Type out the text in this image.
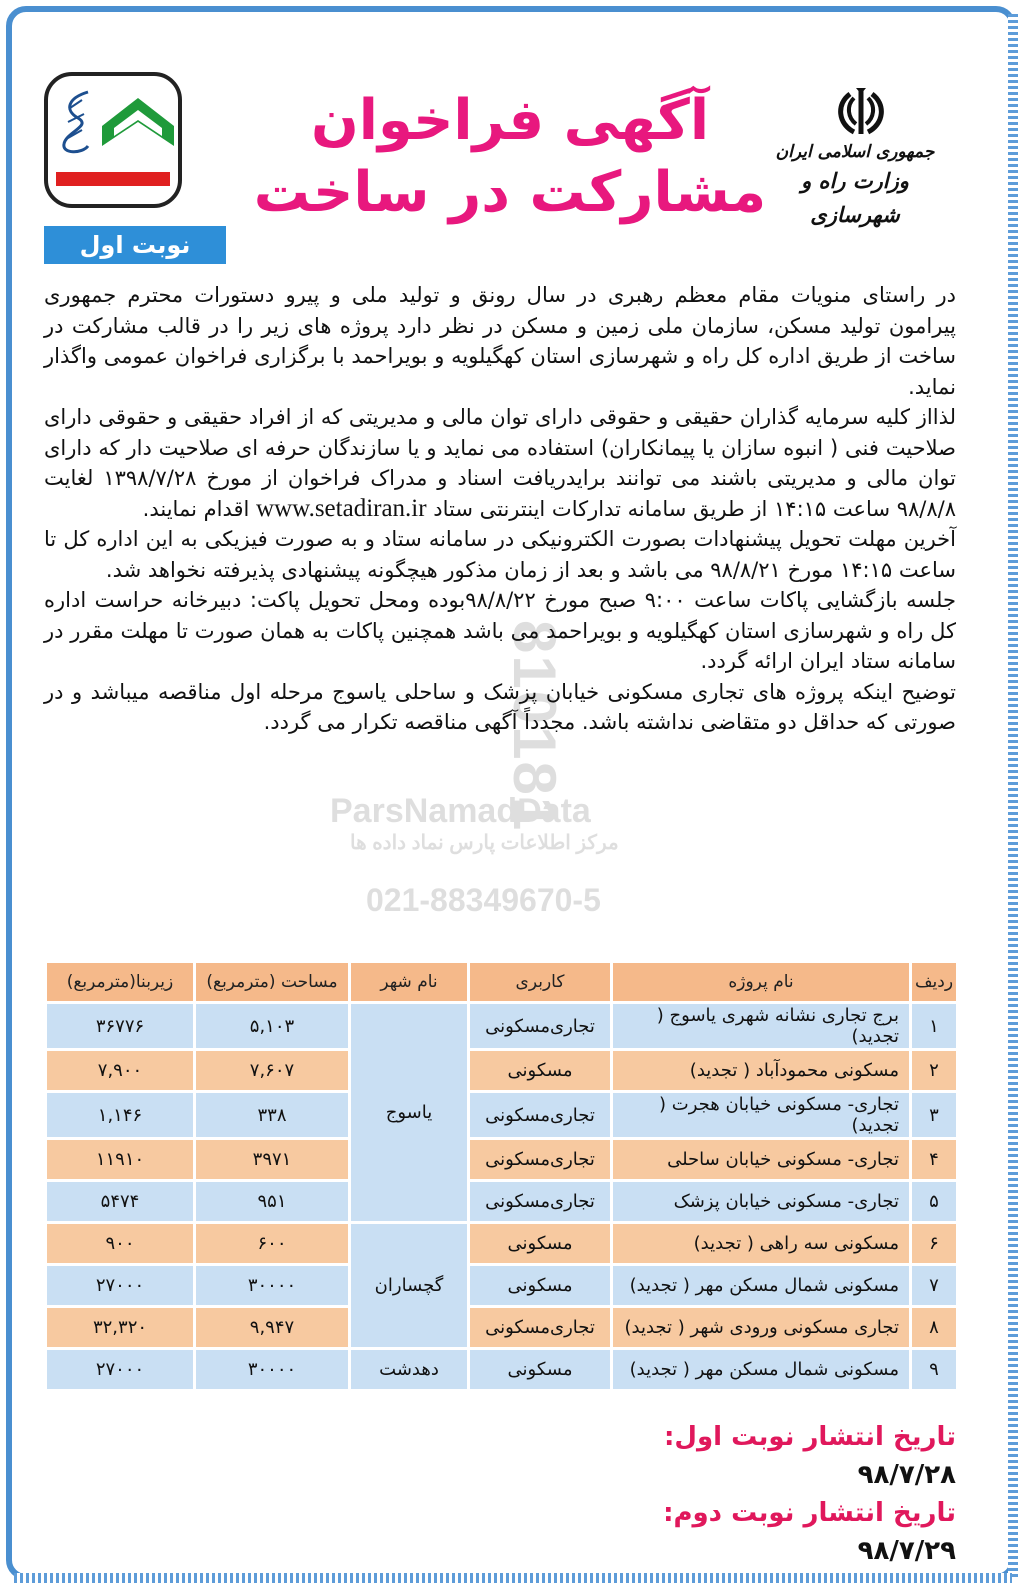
جمهوری اسلامی ایران
وزارت راه و شهرسازی
آگهی فراخوان
مشارکت در ساخت
نوبت اول
810181
ParsNamadData
مرکز اطلاعات پارس نماد داده ها
021-88349670-5

در راستای منویات مقام معظم رهبری در سال رونق و تولید ملی و پیرو دستورات محترم جمهوری پیرامون تولید مسکن، سازمان ملی زمین و مسکن در نظر دارد پروژه های زیر را در قالب مشارکت در ساخت از طریق اداره کل راه و شهرسازی استان کهگیلویه و بویراحمد با برگزاری فراخوان عمومی واگذار نماید.

لذااز کلیه سرمایه گذاران حقیقی و حقوقی دارای توان مالی و مدیریتی که از افراد حقیقی و حقوقی دارای صلاحیت فنی ( انبوه سازان یا پیمانکاران) استفاده می نماید و یا سازندگان حرفه ای صلاحیت دار که دارای توان مالی و مدیریتی باشند می توانند برایدریافت اسناد و مدراک فراخوان از مورخ ۱۳۹۸/۷/۲۸ لغایت ۹۸/۸/۸ ساعت ۱۴:۱۵ از طریق سامانه تدارکات اینترنتی ستاد www.setadiran.ir اقدام نمایند.

آخرین مهلت تحویل پیشنهادات بصورت الکترونیکی در سامانه ستاد و به صورت فیزیکی به این اداره کل تا ساعت ۱۴:۱۵ مورخ ۹۸/۸/۲۱ می باشد و بعد از زمان مذکور هیچگونه پیشنهادی پذیرفته نخواهد شد.

جلسه بازگشایی پاکات ساعت ۹:۰۰ صبح مورخ ۹۸/۸/۲۲بوده ومحل تحویل پاکت: دبیرخانه حراست اداره کل راه و شهرسازی استان کهگیلویه و بویراحمد می باشد همچنین پاکات به همان صورت تا مهلت مقرر در سامانه ستاد ایران ارائه گردد.

توضیح اینکه پروژه های تجاری مسکونی خیابان پزشک و ساحلی یاسوج مرحله اول مناقصه میباشد و در صورتی که حداقل دو متقاضی نداشته باشد. مجدداً آگهی مناقصه تکرار می گردد.

ردیف	نام پروژه	کاربری	نام شهر	مساحت (مترمربع)	زیربنا(مترمربع)
۱	برج تجاری نشانه شهری یاسوج ( تجدید)	تجاری‌مسکونی	یاسوج	۵,۱۰۳	۳۶۷۷۶
۲	مسکونی محمودآباد ( تجدید)	مسکونی		۷,۶۰۷	۷,۹۰۰
۳	تجاری- مسکونی خیابان هجرت ( تجدید)	تجاری‌مسکونی		۳۳۸	۱,۱۴۶
۴	تجاری- مسکونی خیابان ساحلی	تجاری‌مسکونی		۳۹۷۱	۱۱۹۱۰
۵	تجاری- مسکونی خیابان پزشک	تجاری‌مسکونی		۹۵۱	۵۴۷۴
۶	مسکونی سه راهی ( تجدید)	مسکونی	گچساران	۶۰۰	۹۰۰
۷	مسکونی شمال مسکن مهر ( تجدید)	مسکونی		۳۰۰۰۰	۲۷۰۰۰
۸	تجاری مسکونی ورودی شهر ( تجدید)	تجاری‌مسکونی		۹,۹۴۷	۳۲,۳۲۰
۹	مسکونی شمال مسکن مهر ( تجدید)	مسکونی	دهدشت	۳۰۰۰۰	۲۷۰۰۰
تاریخ انتشار نوبت اول: ۹۸/۷/۲۸
تاریخ انتشار نوبت دوم: ۹۸/۷/۲۹
